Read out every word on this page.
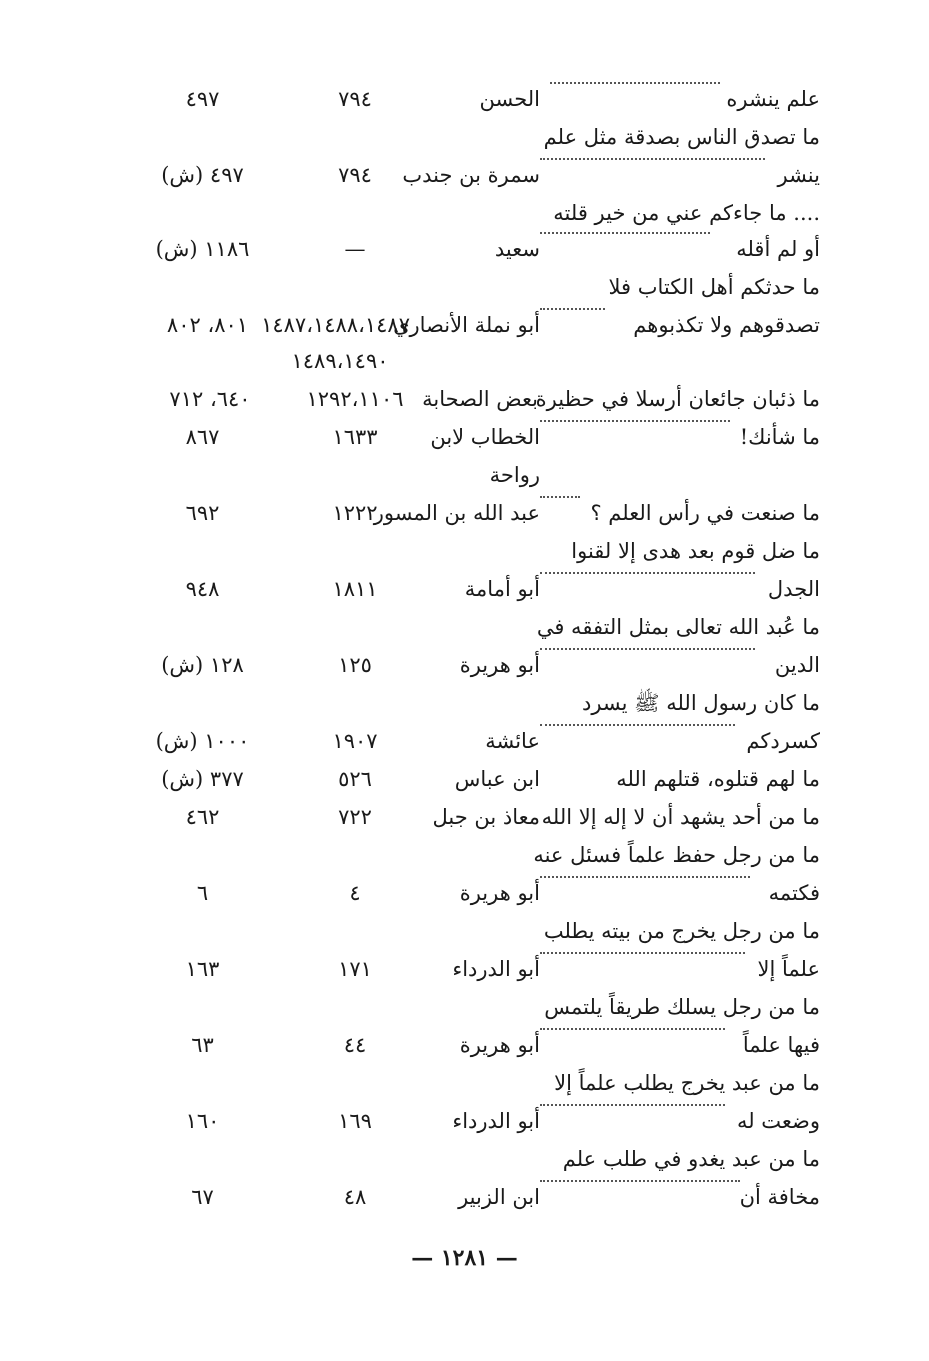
علم ينشره
الحسن
٧٩٤
٤٩٧
ما تصدق الناس بصدقة مثل علم
ينشر
سمرة بن جندب
٧٩٤
٤٩٧ (ش)
.... ما جاءكم عني من خير قلته
أو لم أقله
سعيد
—
١١٨٦ (ش)
ما حدثكم أهل الكتاب فلا
تصدقوهم ولا تكذبوهم
أبو نملة الأنصاري
١٤٨٧،١٤٨٨،١٤٨٧
٨٠١، ٨٠٢
١٤٨٩،١٤٩٠
ما ذئبان جائعان أرسلا في حظيرة
بعض الصحابة
١٢٩٢،١١٠٦
٦٤٠، ٧١٢
ما شأنك!
الخطاب لابن
١٦٣٣
٨٦٧
رواحة
ما صنعت في رأس العلم ؟
عبد الله بن المسور
١٢٢٢
٦٩٢
ما ضل قوم بعد هدى إلا لقنوا
الجدل
أبو أمامة
١٨١١
٩٤٨
ما عُبد الله تعالى بمثل التفقه في
الدين
أبو هريرة
١٢٥
١٢٨ (ش)
ما كان رسول الله ﷺ يسرد
كسردكم
عائشة
١٩٠٧
١٠٠٠ (ش)
ما لهم قتلوه، قتلهم الله
ابن عباس
٥٢٦
٣٧٧ (ش)
ما من أحد يشهد أن لا إله إلا الله
معاذ بن جبل
٧٢٢
٤٦٢
ما من رجل حفظ علماً فسئل عنه
فكتمه
أبو هريرة
٤
٦
ما من رجل يخرج من بيته يطلب
علماً إلا
أبو الدرداء
١٧١
١٦٣
ما من رجل يسلك طريقاً يلتمس
فيها علماً
أبو هريرة
٤٤
٦٣
ما من عبد يخرج يطلب علماً إلا
وضعت له
أبو الدرداء
١٦٩
١٦٠
ما من عبد يغدو في طلب علم
مخافة أن
ابن الزبير
٤٨
٦٧
— ١٢٨١ —
